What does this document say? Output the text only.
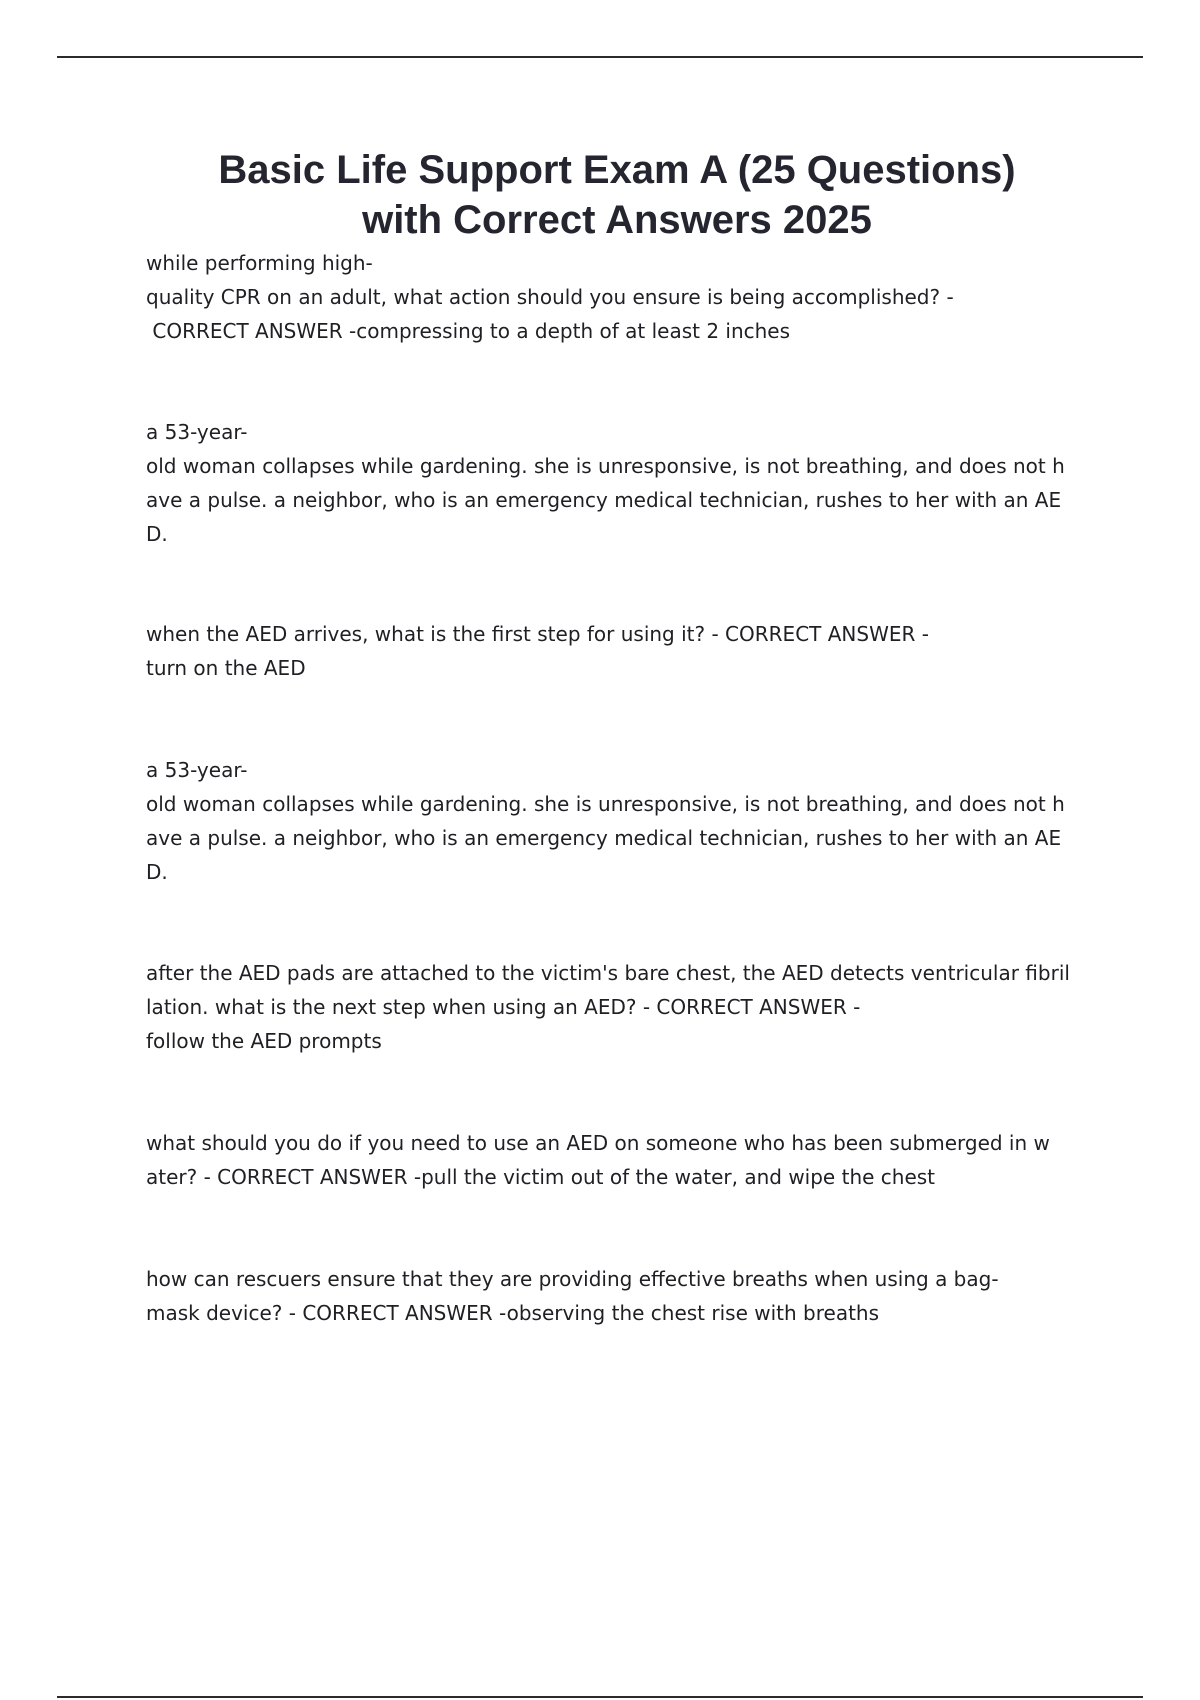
Basic Life Support Exam A (25 Questions)
with Correct Answers 2025

while performing high-
quality CPR on an adult, what action should you ensure is being accomplished? -
CORRECT ANSWER -compressing to a depth of at least 2 inches

a 53-year-
old woman collapses while gardening. she is unresponsive, is not breathing, and does not h
ave a pulse. a neighbor, who is an emergency medical technician, rushes to her with an AE
D.

when the AED arrives, what is the first step for using it? - CORRECT ANSWER -
turn on the AED

a 53-year-
old woman collapses while gardening. she is unresponsive, is not breathing, and does not h
ave a pulse. a neighbor, who is an emergency medical technician, rushes to her with an AE
D.

after the AED pads are attached to the victim's bare chest, the AED detects ventricular fibril
lation. what is the next step when using an AED? - CORRECT ANSWER -
follow the AED prompts

what should you do if you need to use an AED on someone who has been submerged in w
ater? - CORRECT ANSWER -pull the victim out of the water, and wipe the chest

how can rescuers ensure that they are providing effective breaths when using a bag-
mask device? - CORRECT ANSWER -observing the chest rise with breaths
